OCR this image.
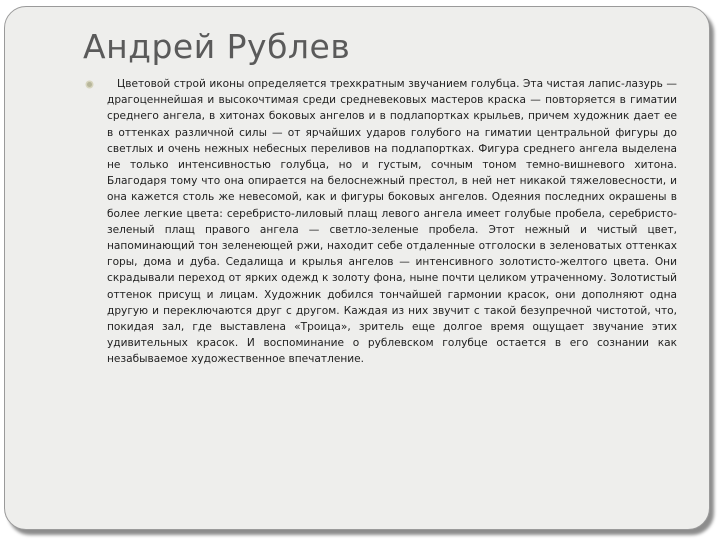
Андрей Рублев

Цветовой строй иконы определяется трехкратным звучанием голубца. Эта чистая лапис-лазурь — драгоценнейшая и высокочтимая среди средневековых мастеров краска — повторяется в гиматии среднего ангела, в хитонах боковых ангелов и в подлапортках крыльев, причем художник дает ее в оттенках различной силы — от ярчайших ударов голубого на гиматии центральной фигуры до светлых и очень нежных небесных переливов на подлапортках. Фигура среднего ангела выделена не только интенсивностью голубца, но и густым, сочным тоном темно-вишневого хитона. Благодаря тому что она опирается на белоснежный престол, в ней нет никакой тяжеловесности, и она кажется столь же невесомой, как и фигуры боковых ангелов. Одеяния последних окрашены в более легкие цвета: серебристо-лиловый плащ левого ангела имеет голубые пробела, серебристо-зеленый плащ правого ангела — светло-зеленые пробела. Этот нежный и чистый цвет, напоминающий тон зеленеющей ржи, находит себе отдаленные отголоски в зеленоватых оттенках горы, дома и дуба. Седалища и крылья ангелов — интенсивного золотисто-желтого цвета. Они скрадывали переход от ярких одежд к золоту фона, ныне почти целиком утраченному. Золотистый оттенок присущ и лицам. Художник добился тончайшей гармонии красок, они дополняют одна другую и переключаются друг с другом. Каждая из них звучит с такой безупречной чистотой, что, покидая зал, где выставлена «Троица», зритель еще долгое время ощущает звучание этих удивительных красок. И воспоминание о рублевском голубце остается в его сознании как незабываемое художественное впечатление.
